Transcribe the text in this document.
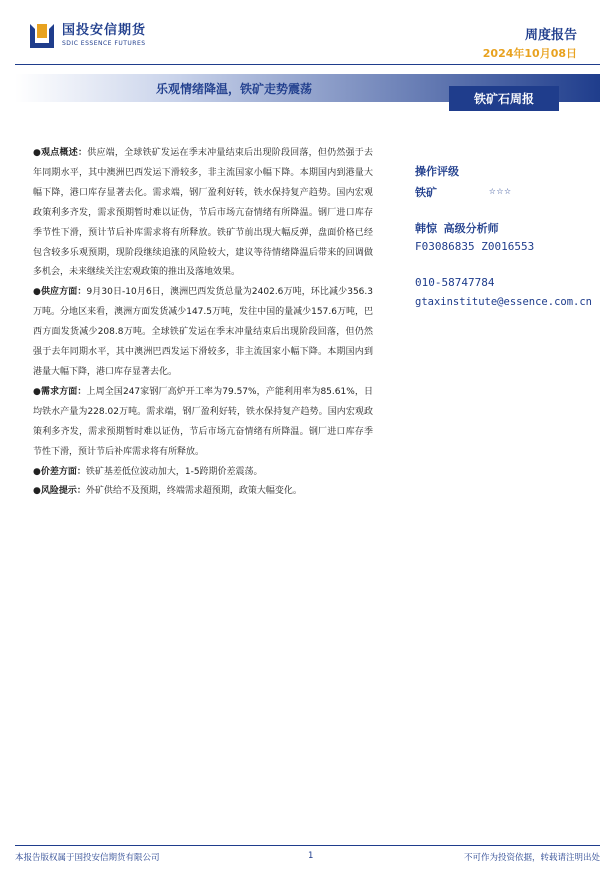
国投安信期货
SDIC ESSENCE FUTURES
周度报告
2024年10月08日
乐观情绪降温，铁矿走势震荡
铁矿石周报

●观点概述：供应端，全球铁矿发运在季末冲量结束后出现阶段回落，但仍然强于去年同期水平，其中澳洲巴西发运下滑较多，非主流国家小幅下降。本期国内到港量大幅下降，港口库存显著去化。需求端，钢厂盈利好转，铁水保持复产趋势。国内宏观政策利多齐发，需求预期暂时难以证伪，节后市场亢奋情绪有所降温。钢厂进口库存季节性下滑，预计节后补库需求将有所释放。铁矿节前出现大幅反弹，盘面价格已经包含较多乐观预期，现阶段继续追涨的风险较大，建议等待情绪降温后带来的回调做多机会，未来继续关注宏观政策的推出及落地效果。

●供应方面：9月30日-10月6日，澳洲巴西发货总量为2402.6万吨，环比减少356.3万吨。分地区来看，澳洲方面发货减少147.5万吨，发往中国的量减少157.6万吨，巴西方面发货减少208.8万吨。全球铁矿发运在季末冲量结束后出现阶段回落，但仍然强于去年同期水平，其中澳洲巴西发运下滑较多，非主流国家小幅下降。本期国内到港量大幅下降，港口库存显著去化。

●需求方面：上周全国247家钢厂高炉开工率为79.57%，产能利用率为85.61%，日均铁水产量为228.02万吨。需求端，钢厂盈利好转，铁水保持复产趋势。国内宏观政策利多齐发，需求预期暂时难以证伪，节后市场亢奋情绪有所降温。钢厂进口库存季节性下滑，预计节后补库需求将有所释放。

●价差方面：铁矿基差低位波动加大，1-5跨期价差震荡。

●风险提示：外矿供给不及预期，终端需求超预期，政策大幅变化。

操作评级
铁矿	☆☆☆
韩惊 高级分析师
F03086835 Z0016553
010-58747784
gtaxinstitute@essence.com.cn
本报告版权属于国投安信期货有限公司	1	不可作为投资依据，转载请注明出处
